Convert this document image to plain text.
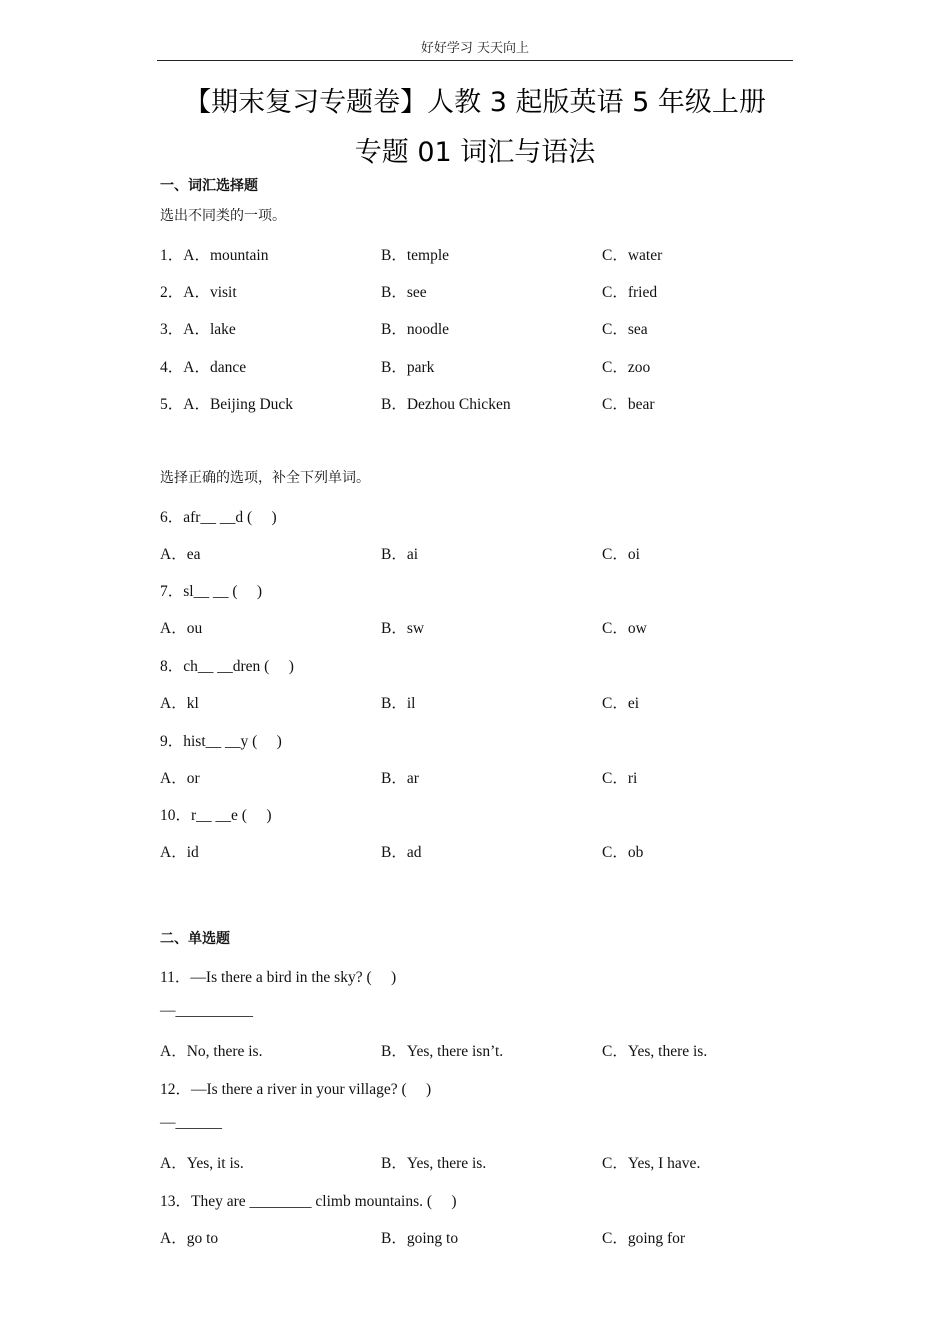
好好学习 天天向上
【期末复习专题卷】人教 3 起版英语 5 年级上册
专题 01 词汇与语法
一、词汇选择题
选出不同类的一项。
1．A．mountain	B．temple	C．water
2．A．visit	B．see	C．fried
3．A．lake	B．noodle	C．sea
4．A．dance	B．park	C．zoo
5．A．Beijing Duck	B．Dezhou Chicken	C．bear
选择正确的选项，补全下列单词。
6．afr__ __d (     )
A．ea	B．ai	C．oi
7．sl__ __ (     )
A．ou	B．sw	C．ow
8．ch__ __dren (     )
A．kl	B．il	C．ei
9．hist__ __y (     )
A．or	B．ar	C．ri
10．r__ __e (     )
A．id	B．ad	C．ob
二、单选题
11．—Is there a bird in the sky? (     )
—__________
A．No, there is.	B．Yes, there isn’t.	C．Yes, there is.
12．—Is there a river in your village? (     )
—______
A．Yes, it is.	B．Yes, there is.	C．Yes, I have.
13．They are ________ climb mountains. (     )
A．go to	B．going to	C．going for
